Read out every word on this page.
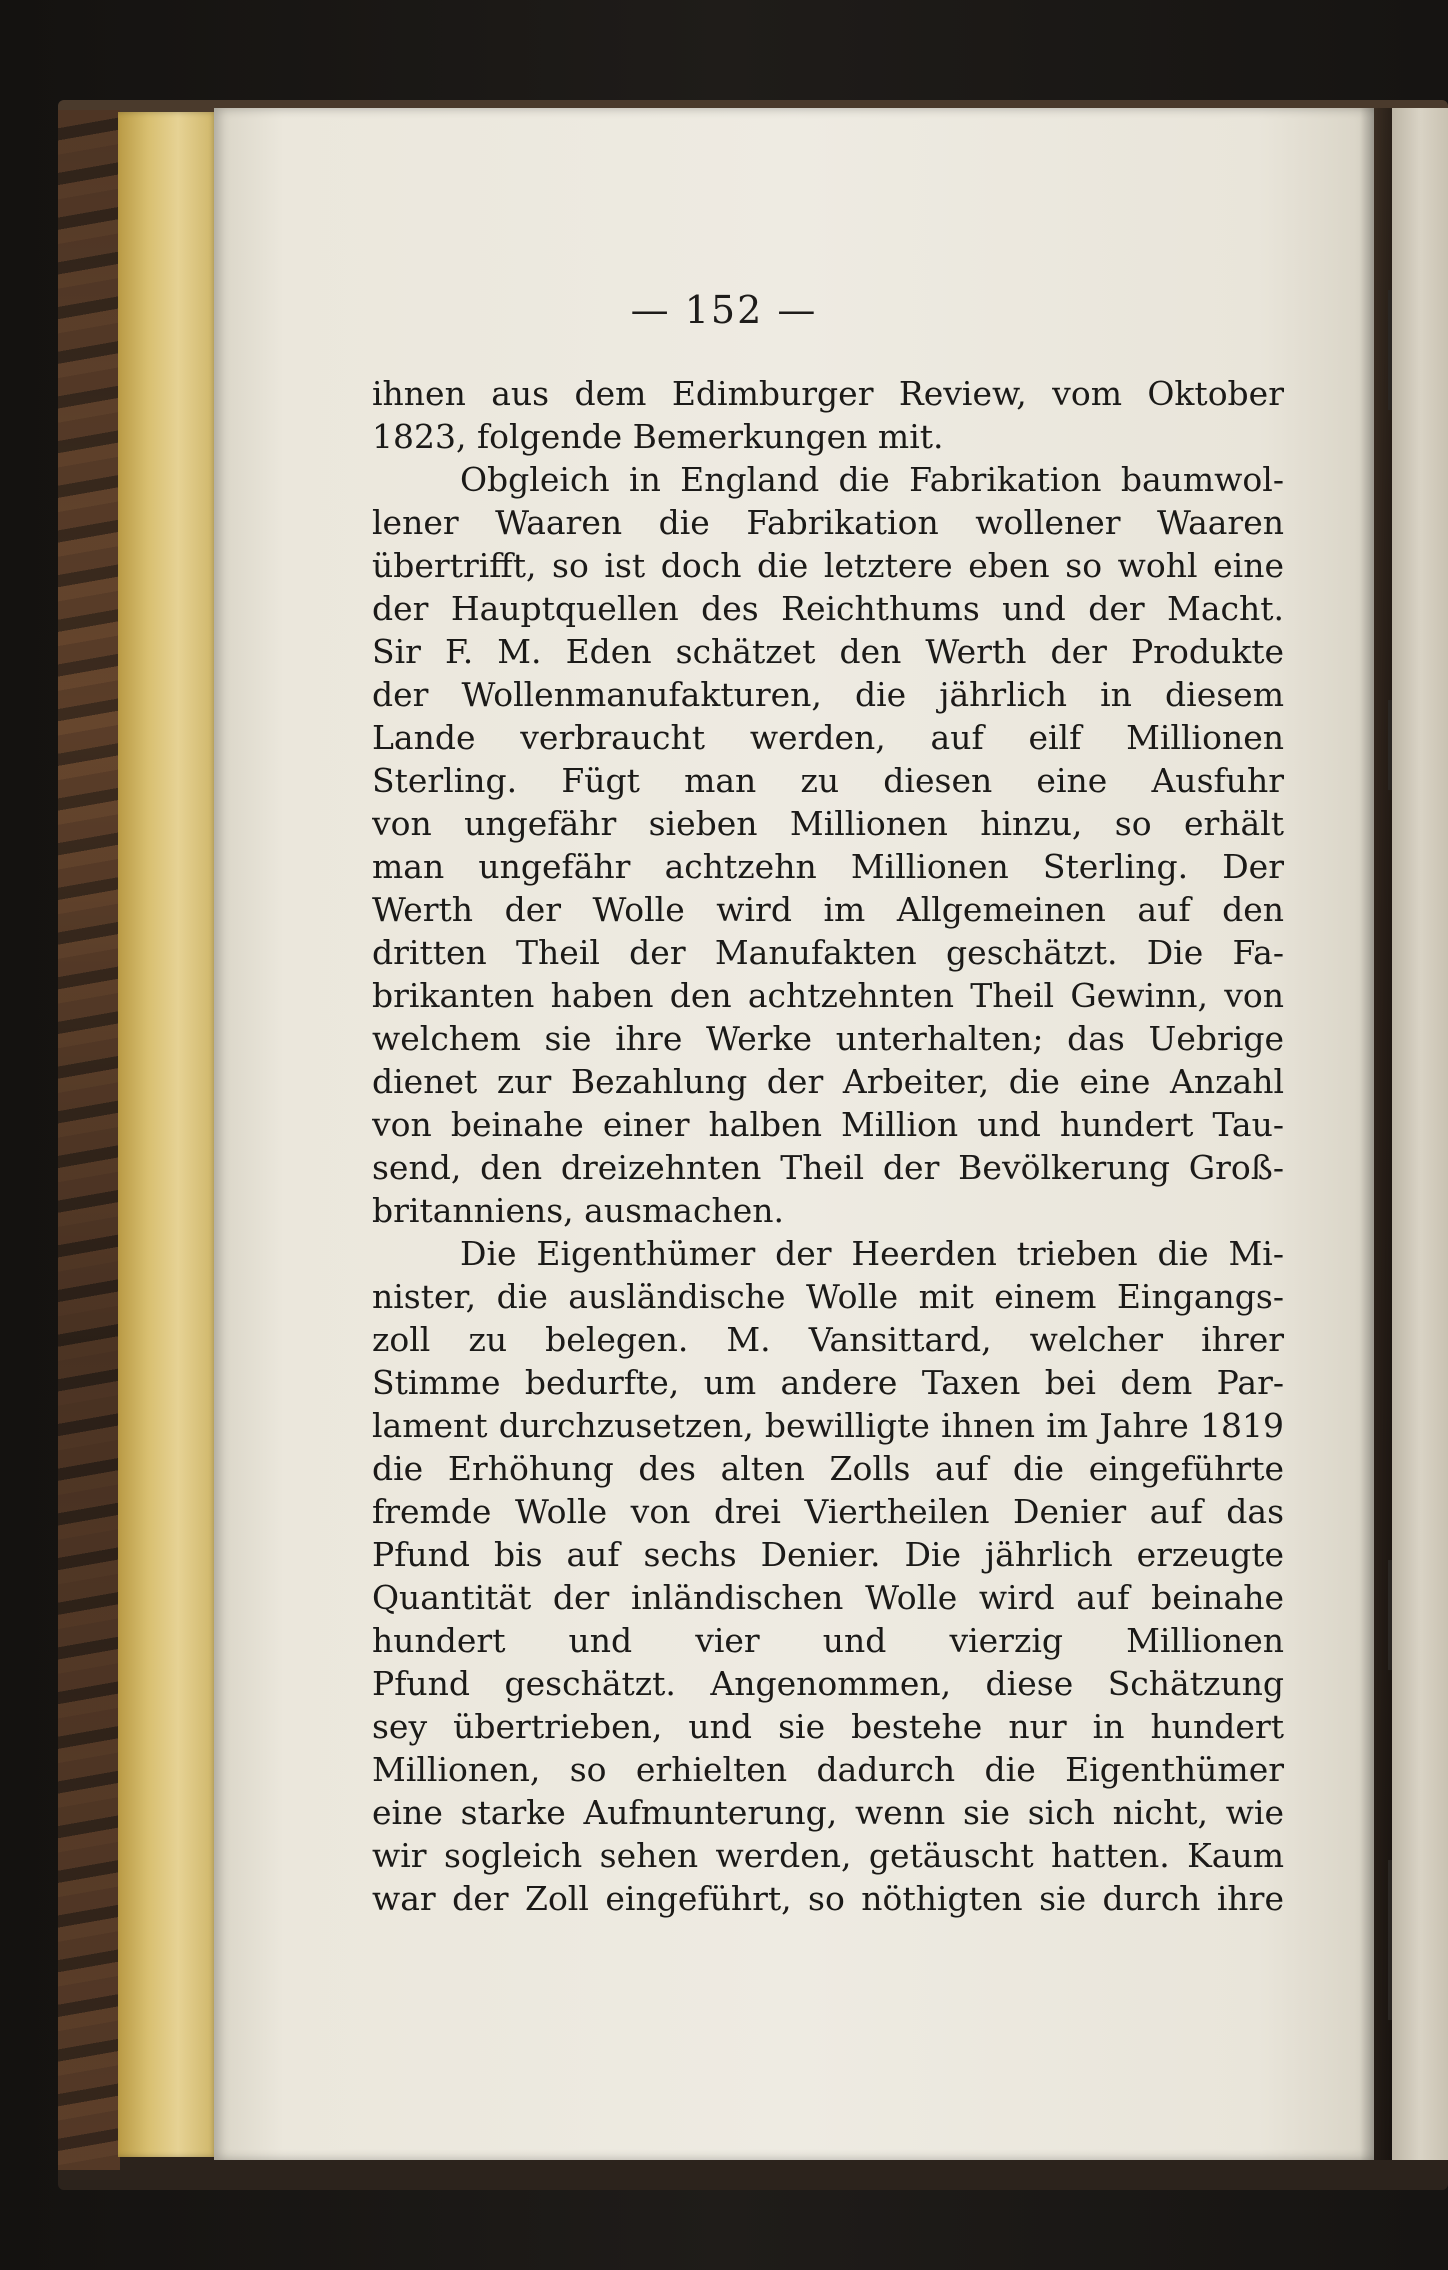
— 152 —
ihnen aus dem Edimburger Review, vom Oktober
1823, folgende Bemerkungen mit.
Obgleich in England die Fabrikation baumwol-
lener Waaren die Fabrikation wollener Waaren
übertrifft, so ist doch die letztere eben so wohl eine
der Hauptquellen des Reichthums und der Macht.
Sir F. M. Eden schätzet den Werth der Produkte
der Wollenmanufakturen, die jährlich in diesem
Lande verbraucht werden, auf eilf Millionen
Sterling. Fügt man zu diesen eine Ausfuhr
von ungefähr sieben Millionen hinzu, so erhält
man ungefähr achtzehn Millionen Sterling. Der
Werth der Wolle wird im Allgemeinen auf den
dritten Theil der Manufakten geschätzt. Die Fa-
brikanten haben den achtzehnten Theil Gewinn, von
welchem sie ihre Werke unterhalten; das Uebrige
dienet zur Bezahlung der Arbeiter, die eine Anzahl
von beinahe einer halben Million und hundert Tau-
send, den dreizehnten Theil der Bevölkerung Groß-
britanniens, ausmachen.
Die Eigenthümer der Heerden trieben die Mi-
nister, die ausländische Wolle mit einem Eingangs-
zoll zu belegen. M. Vansittard, welcher ihrer
Stimme bedurfte, um andere Taxen bei dem Par-
lament durchzusetzen, bewilligte ihnen im Jahre 1819
die Erhöhung des alten Zolls auf die eingeführte
fremde Wolle von drei Viertheilen Denier auf das
Pfund bis auf sechs Denier. Die jährlich erzeugte
Quantität der inländischen Wolle wird auf beinahe
hundert und vier und vierzig Millionen
Pfund geschätzt. Angenommen, diese Schätzung
sey übertrieben, und sie bestehe nur in hundert
Millionen, so erhielten dadurch die Eigenthümer
eine starke Aufmunterung, wenn sie sich nicht, wie
wir sogleich sehen werden, getäuscht hatten. Kaum
war der Zoll eingeführt, so nöthigten sie durch ihre
